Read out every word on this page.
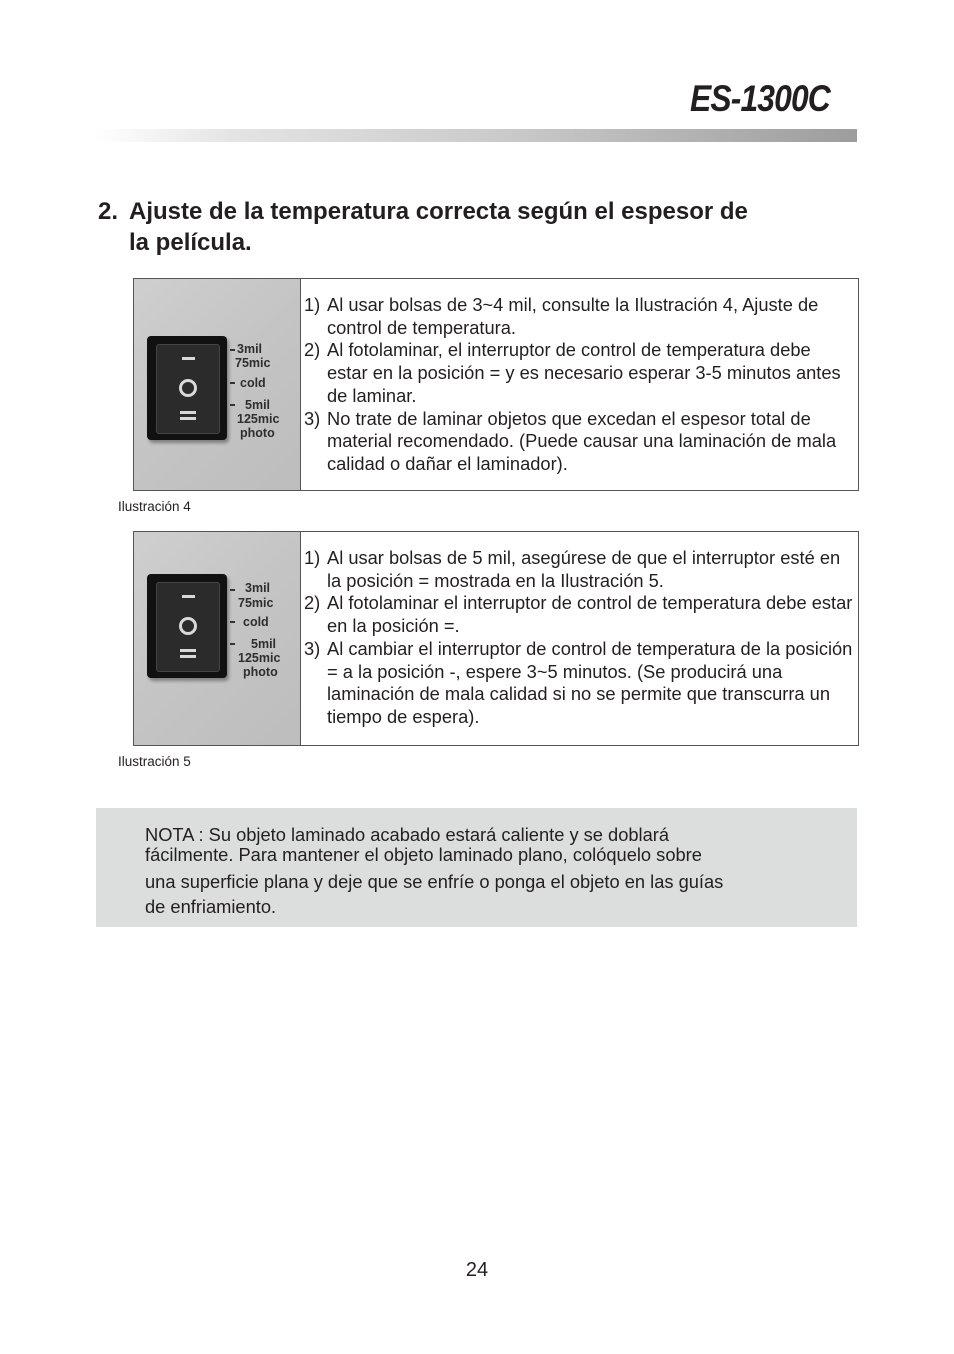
ES-1300C
2. Ajuste de la temperatura correcta según el espesor de
la película.
3mil
75mic
cold
5mil
125mic
photo
1) Al usar bolsas de 3~4 mil, consulte la Ilustración 4, Ajuste de control de temperatura.
2) Al fotolaminar, el interruptor de control de temperatura debe estar en la posición = y es necesario esperar 3-5 minutos antes de laminar.
3) No trate de laminar objetos que excedan el espesor total de material recomendado. (Puede causar una laminación de mala calidad o dañar el laminador).
Ilustración 4
3mil
75mic
cold
5mil
125mic
photo
1) Al usar bolsas de 5 mil, asegúrese de que el interruptor esté en la posición = mostrada en la Ilustración 5.
2) Al fotolaminar el interruptor de control de temperatura debe estar en la posición =.
3) Al cambiar el interruptor de control de temperatura de la posición = a la posición -, espere 3~5 minutos. (Se producirá una laminación de mala calidad si no se permite que transcurra un tiempo de espera).
Ilustración 5
NOTA : Su objeto laminado acabado estará caliente y se doblará
fácilmente. Para mantener el objeto laminado plano, colóquelo sobre
una superficie plana y deje que se enfríe o ponga el objeto en las guías
de enfriamiento.
24
